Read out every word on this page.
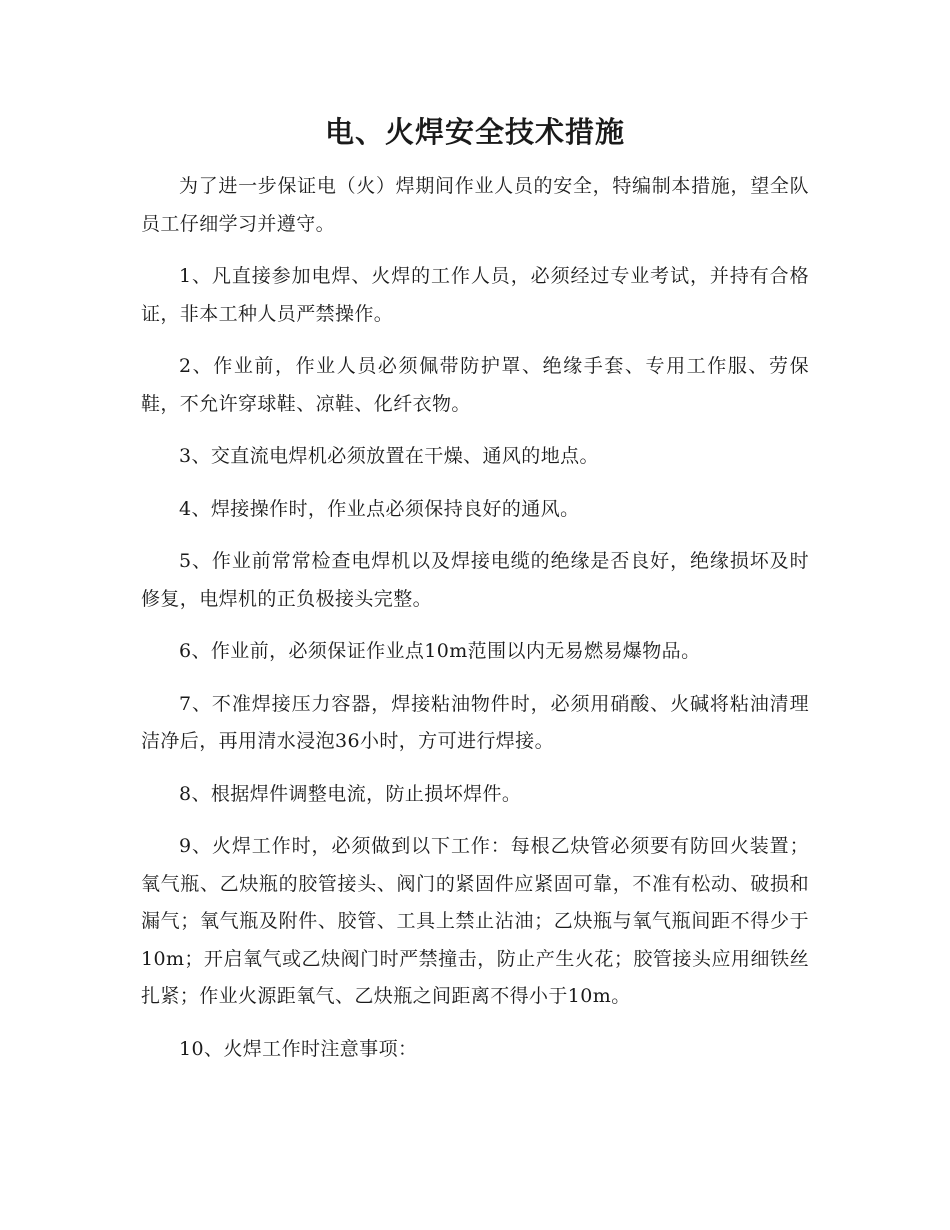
电、火焊安全技术措施

为了进一步保证电（火）焊期间作业人员的安全，特编制本措施，望全队员工仔细学习并遵守。

1、凡直接参加电焊、火焊的工作人员，必须经过专业考试，并持有合格证，非本工种人员严禁操作。

2、作业前，作业人员必须佩带防护罩、绝缘手套、专用工作服、劳保鞋，不允许穿球鞋、凉鞋、化纤衣物。

3、交直流电焊机必须放置在干燥、通风的地点。

4、焊接操作时，作业点必须保持良好的通风。

5、作业前常常检查电焊机以及焊接电缆的绝缘是否良好，绝缘损坏及时修复，电焊机的正负极接头完整。

6、作业前，必须保证作业点10m范围以内无易燃易爆物品。

7、不准焊接压力容器，焊接粘油物件时，必须用硝酸、火碱将粘油清理洁净后，再用清水浸泡36小时，方可进行焊接。

8、根据焊件调整电流，防止损坏焊件。

9、火焊工作时，必须做到以下工作：每根乙炔管必须要有防回火装置；氧气瓶、乙炔瓶的胶管接头、阀门的紧固件应紧固可靠，不准有松动、破损和漏气；氧气瓶及附件、胶管、工具上禁止沾油；乙炔瓶与氧气瓶间距不得少于10m；开启氧气或乙炔阀门时严禁撞击，防止产生火花；胶管接头应用细铁丝扎紧；作业火源距氧气、乙炔瓶之间距离不得小于10m。

10、火焊工作时注意事项：
